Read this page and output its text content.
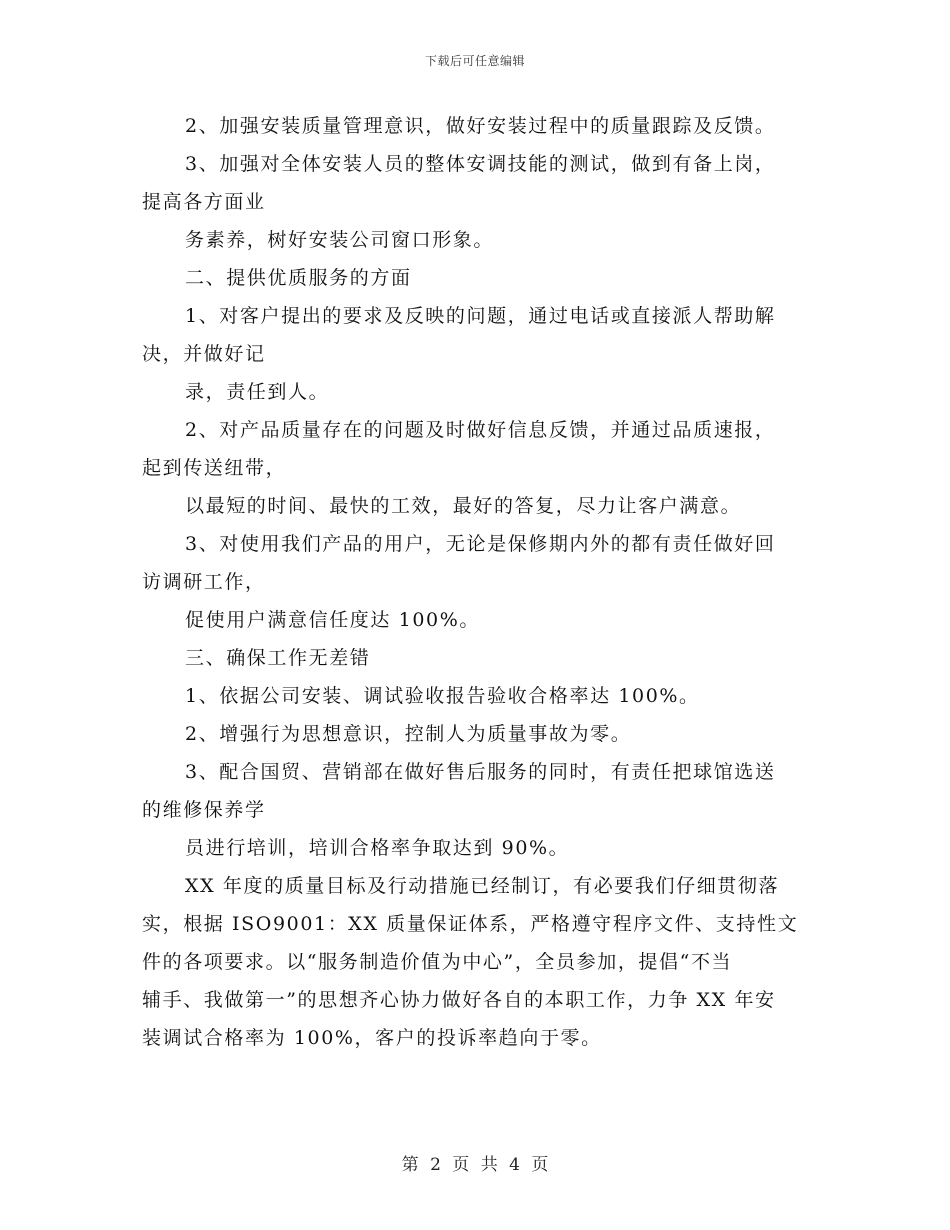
下载后可任意编辑
2、加强安装质量管理意识，做好安装过程中的质量跟踪及反馈。
3、加强对全体安装人员的整体安调技能的测试，做到有备上岗，
提高各方面业
务素养，树好安装公司窗口形象。
二、提供优质服务的方面
1、对客户提出的要求及反映的问题，通过电话或直接派人帮助解
决，并做好记
录，责任到人。
2、对产品质量存在的问题及时做好信息反馈，并通过品质速报，
起到传送纽带，
以最短的时间、最快的工效，最好的答复，尽力让客户满意。
3、对使用我们产品的用户，无论是保修期内外的都有责任做好回
访调研工作，
促使用户满意信任度达 100%。
三、确保工作无差错
1、依据公司安装、调试验收报告验收合格率达 100%。
2、增强行为思想意识，控制人为质量事故为零。
3、配合国贸、营销部在做好售后服务的同时，有责任把球馆选送
的维修保养学
员进行培训，培训合格率争取达到 90%。
XX 年度的质量目标及行动措施已经制订，有必要我们仔细贯彻落
实，根据 ISO9001：XX 质量保证体系，严格遵守程序文件、支持性文
件的各项要求。以“服务制造价值为中心”，全员参加，提倡“不当
辅手、我做第一”的思想齐心协力做好各自的本职工作，力争 XX 年安
装调试合格率为 100%，客户的投诉率趋向于零。
第 2 页 共 4 页
